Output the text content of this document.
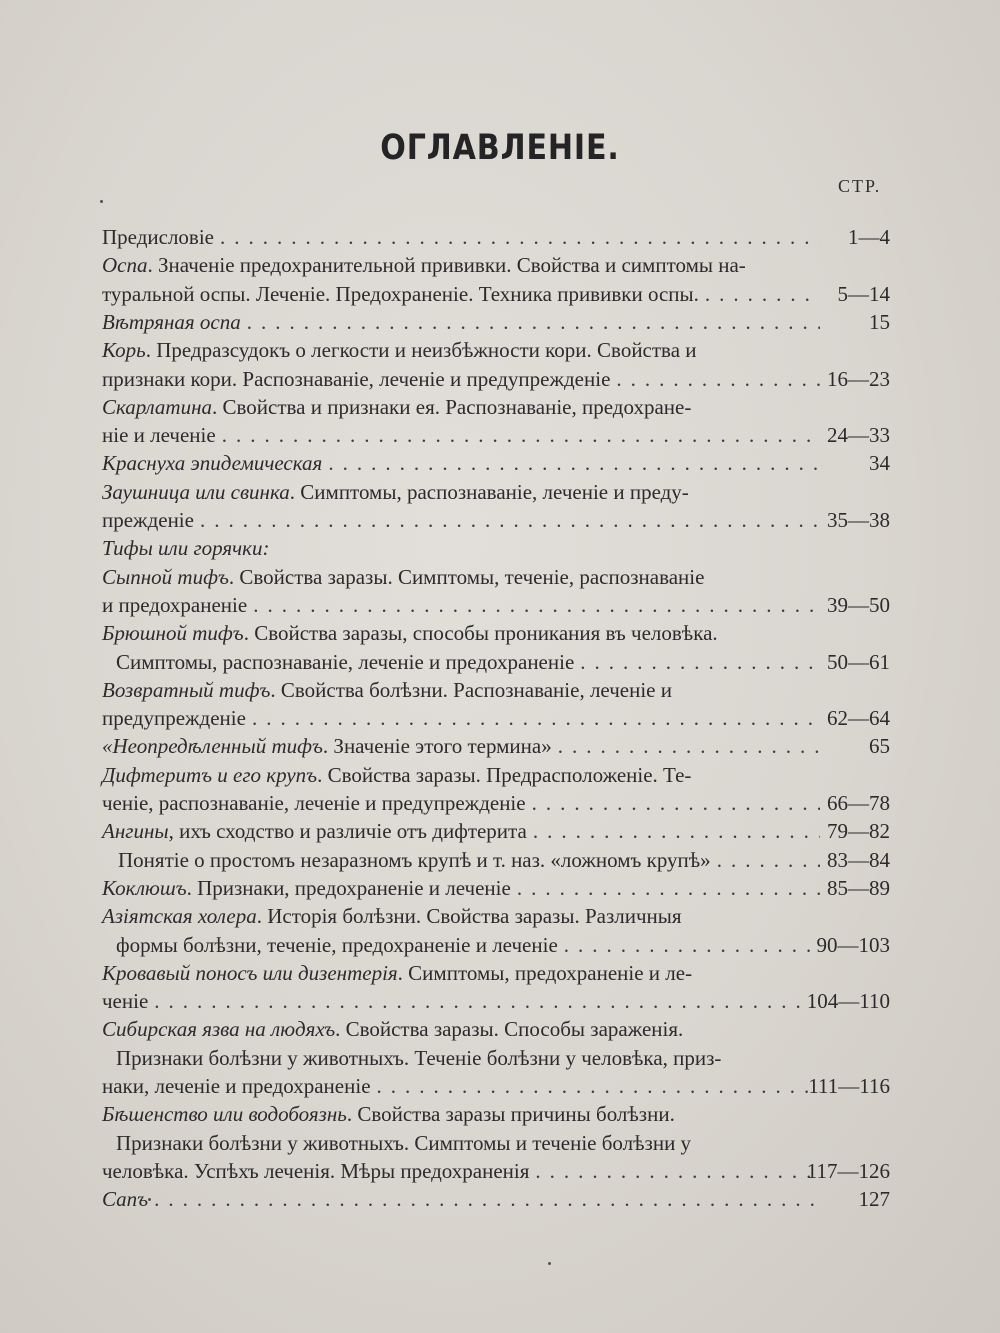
ОГЛАВЛЕНІЕ.
СТР.
Предисловіе .....	1—4
Оспа. Значеніе предохранительной прививки. Свойства и симптомы на-
туральной оспы. Леченіе. Предохраненіе. Техника прививки оспы. .....	5—14
Вѣтряная оспа .....	15
Корь. Предразсудокъ о легкости и неизбѣжности кори. Свойства и
признаки кори. Распознаваніе, леченіе и предупрежденіе .....	16—23
Скарлатина. Свойства и признаки ея. Распознаваніе, предохране-
ніе и леченіе .....	24—33
Краснуха эпидемическая .....	34
Заушница или свинка. Симптомы, распознаваніе, леченіе и преду-
прежденіе .....	35—38
Тифы или горячки:
Сыпной тифъ. Свойства заразы. Симптомы, теченіе, распознаваніе
и предохраненіе .....	39—50
Брюшной тифъ. Свойства заразы, способы проникания въ человѣка.
Симптомы, распознаваніе, леченіе и предохраненіе .....	50—61
Возвратный тифъ. Свойства болѣзни. Распознаваніе, леченіе и
предупрежденіе .....	62—64
«Неопредѣленный тифъ. Значеніе этого термина» .....	65
Дифтеритъ и его крупъ. Свойства заразы. Предрасположеніе. Те-
ченіе, распознаваніе, леченіе и предупрежденіе .....	66—78
Ангины, ихъ сходство и различіе отъ дифтерита .....	79—82
Понятіе о простомъ незаразномъ крупѣ и т. наз. «ложномъ крупѣ» .....	83—84
Коклюшъ. Признаки, предохраненіе и леченіе .....	85—89
Азіятская холера. Исторія болѣзни. Свойства заразы. Различныя
формы болѣзни, теченіе, предохраненіе и леченіе .....	90—103
Кровавый поносъ или дизентерія. Симптомы, предохраненіе и ле-
ченіе .....	104—110
Сибирская язва на людяхъ. Свойства заразы. Способы зараженія.
Признаки болѣзни у животныхъ. Теченіе болѣзни у человѣка, приз-
наки, леченіе и предохраненіе .....	111—116
Бѣшенство или водобоязнь. Свойства заразы причины болѣзни.
Признаки болѣзни у животныхъ. Симптомы и теченіе болѣзни у
человѣка. Успѣхъ леченія. Мѣры предохраненія .....	117—126
Сапъ .....	127
